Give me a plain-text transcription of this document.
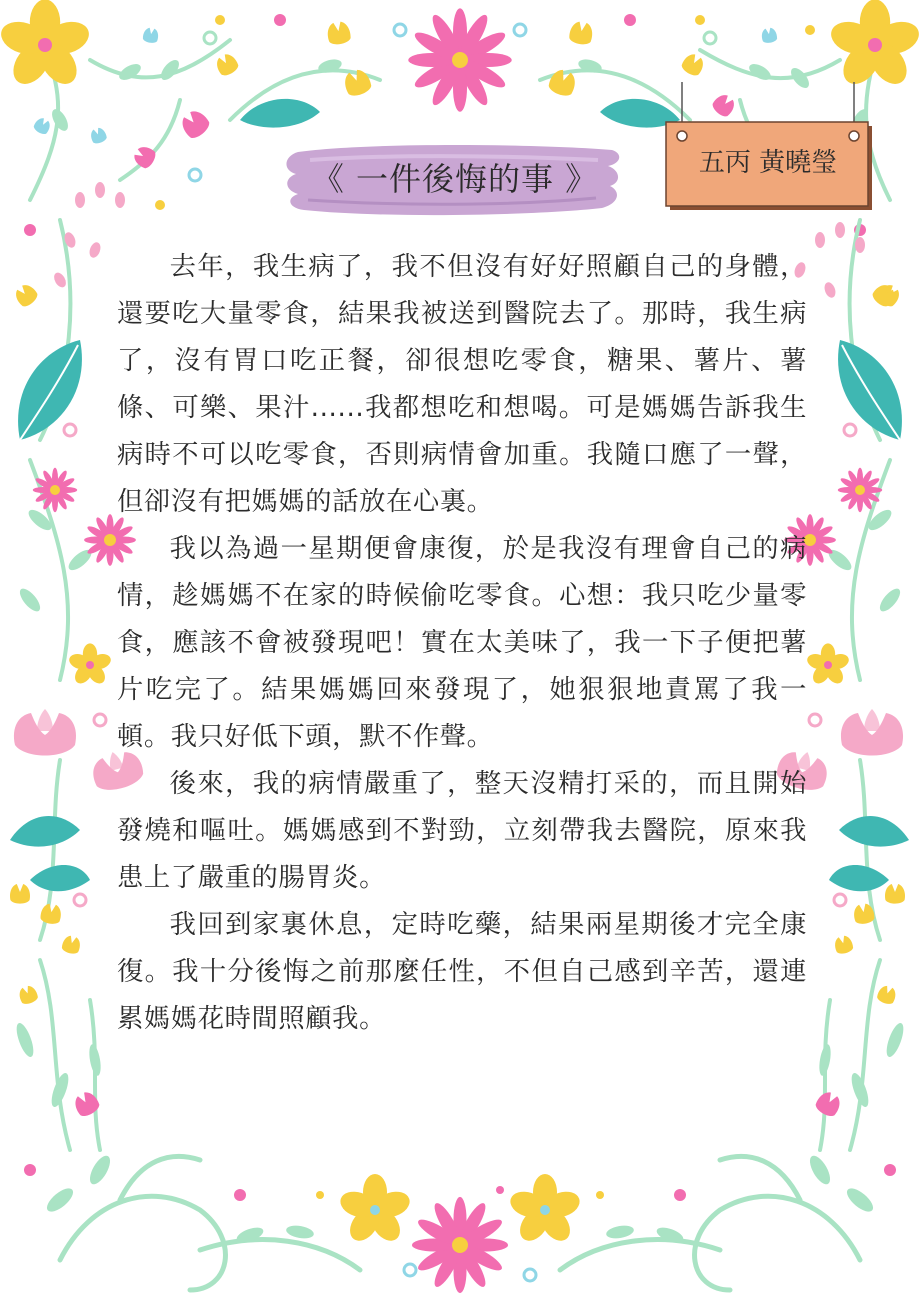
《 一件後悔的事 》	五丙 黃曉瑩

去年，我生病了，我不但沒有好好照顧自己的身體，還要吃大量零食，結果我被送到醫院去了。那時，我生病了，沒有胃口吃正餐，卻很想吃零食，糖果、薯片、薯條、可樂、果汁......我都想吃和想喝。可是媽媽告訴我生病時不可以吃零食，否則病情會加重。我隨口應了一聲，但卻沒有把媽媽的話放在心裏。

我以為過一星期便會康復，於是我沒有理會自己的病情，趁媽媽不在家的時候偷吃零食。心想：我只吃少量零食，應該不會被發現吧！實在太美味了，我一下子便把薯片吃完了。結果媽媽回來發現了，她狠狠地責罵了我一頓。我只好低下頭，默不作聲。

後來，我的病情嚴重了，整天沒精打采的，而且開始發燒和嘔吐。媽媽感到不對勁，立刻帶我去醫院，原來我患上了嚴重的腸胃炎。

我回到家裏休息，定時吃藥，結果兩星期後才完全康復。我十分後悔之前那麼任性，不但自己感到辛苦，還連累媽媽花時間照顧我。
